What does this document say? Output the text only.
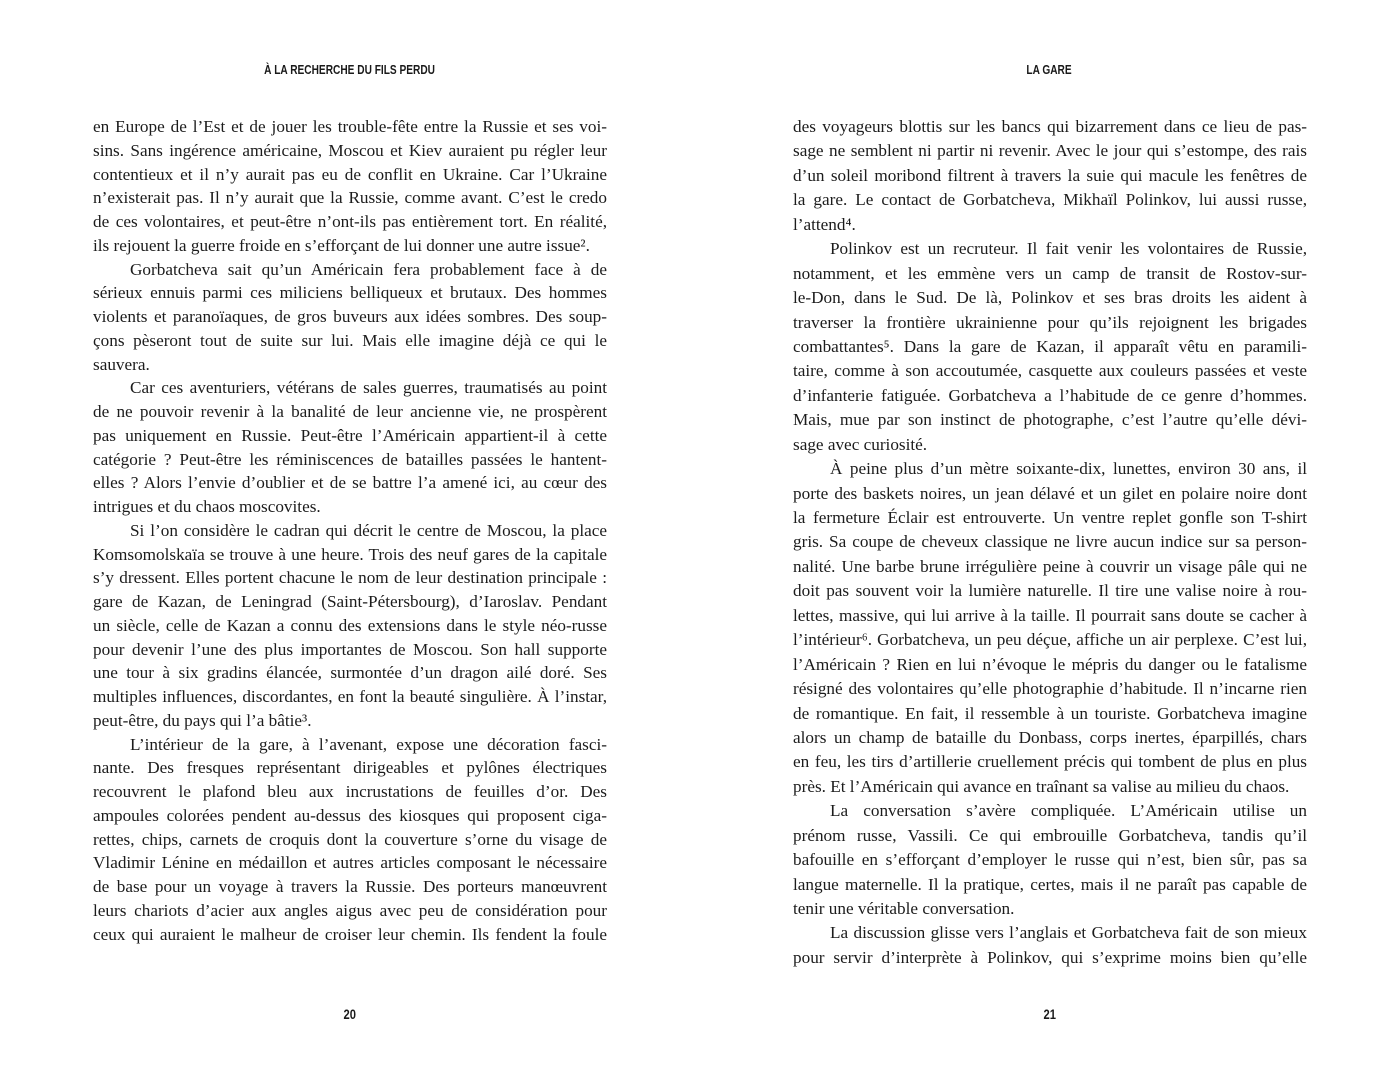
À LA RECHERCHE DU FILS PERDU
en Europe de l’Est et de jouer les trouble-fête entre la Russie et ses voi-
sins. Sans ingérence américaine, Moscou et Kiev auraient pu régler leur
contentieux et il n’y aurait pas eu de conflit en Ukraine. Car l’Ukraine
n’existerait pas. Il n’y aurait que la Russie, comme avant. C’est le credo
de ces volontaires, et peut-être n’ont-ils pas entièrement tort. En réalité,
ils rejouent la guerre froide en s’efforçant de lui donner une autre issue².
Gorbatcheva sait qu’un Américain fera probablement face à de
sérieux ennuis parmi ces miliciens belliqueux et brutaux. Des hommes
violents et paranoïaques, de gros buveurs aux idées sombres. Des soup-
çons pèseront tout de suite sur lui. Mais elle imagine déjà ce qui le
sauvera.
Car ces aventuriers, vétérans de sales guerres, traumatisés au point
de ne pouvoir revenir à la banalité de leur ancienne vie, ne prospèrent
pas uniquement en Russie. Peut-être l’Américain appartient-il à cette
catégorie ? Peut-être les réminiscences de batailles passées le hantent-
elles ? Alors l’envie d’oublier et de se battre l’a amené ici, au cœur des
intrigues et du chaos moscovites.
Si l’on considère le cadran qui décrit le centre de Moscou, la place
Komsomolskaïa se trouve à une heure. Trois des neuf gares de la capitale
s’y dressent. Elles portent chacune le nom de leur destination principale :
gare de Kazan, de Leningrad (Saint-Pétersbourg), d’Iaroslav. Pendant
un siècle, celle de Kazan a connu des extensions dans le style néo-russe
pour devenir l’une des plus importantes de Moscou. Son hall supporte
une tour à six gradins élancée, surmontée d’un dragon ailé doré. Ses
multiples influences, discordantes, en font la beauté singulière. À l’instar,
peut-être, du pays qui l’a bâtie³.
L’intérieur de la gare, à l’avenant, expose une décoration fasci-
nante. Des fresques représentant dirigeables et pylônes électriques
recouvrent le plafond bleu aux incrustations de feuilles d’or. Des
ampoules colorées pendent au-dessus des kiosques qui proposent ciga-
rettes, chips, carnets de croquis dont la couverture s’orne du visage de
Vladimir Lénine en médaillon et autres articles composant le nécessaire
de base pour un voyage à travers la Russie. Des porteurs manœuvrent
leurs chariots d’acier aux angles aigus avec peu de considération pour
ceux qui auraient le malheur de croiser leur chemin. Ils fendent la foule
20
LA GARE
des voyageurs blottis sur les bancs qui bizarrement dans ce lieu de pas-
sage ne semblent ni partir ni revenir. Avec le jour qui s’estompe, des rais
d’un soleil moribond filtrent à travers la suie qui macule les fenêtres de
la gare. Le contact de Gorbatcheva, Mikhaïl Polinkov, lui aussi russe,
l’attend⁴.
Polinkov est un recruteur. Il fait venir les volontaires de Russie,
notamment, et les emmène vers un camp de transit de Rostov-sur-
le-Don, dans le Sud. De là, Polinkov et ses bras droits les aident à
traverser la frontière ukrainienne pour qu’ils rejoignent les brigades
combattantes⁵. Dans la gare de Kazan, il apparaît vêtu en paramili-
taire, comme à son accoutumée, casquette aux couleurs passées et veste
d’infanterie fatiguée. Gorbatcheva a l’habitude de ce genre d’hommes.
Mais, mue par son instinct de photographe, c’est l’autre qu’elle dévi-
sage avec curiosité.
À peine plus d’un mètre soixante-dix, lunettes, environ 30 ans, il
porte des baskets noires, un jean délavé et un gilet en polaire noire dont
la fermeture Éclair est entrouverte. Un ventre replet gonfle son T-shirt
gris. Sa coupe de cheveux classique ne livre aucun indice sur sa person-
nalité. Une barbe brune irrégulière peine à couvrir un visage pâle qui ne
doit pas souvent voir la lumière naturelle. Il tire une valise noire à rou-
lettes, massive, qui lui arrive à la taille. Il pourrait sans doute se cacher à
l’intérieur⁶. Gorbatcheva, un peu déçue, affiche un air perplexe. C’est lui,
l’Américain ? Rien en lui n’évoque le mépris du danger ou le fatalisme
résigné des volontaires qu’elle photographie d’habitude. Il n’incarne rien
de romantique. En fait, il ressemble à un touriste. Gorbatcheva imagine
alors un champ de bataille du Donbass, corps inertes, éparpillés, chars
en feu, les tirs d’artillerie cruellement précis qui tombent de plus en plus
près. Et l’Américain qui avance en traînant sa valise au milieu du chaos.
La conversation s’avère compliquée. L’Américain utilise un
prénom russe, Vassili. Ce qui embrouille Gorbatcheva, tandis qu’il
bafouille en s’efforçant d’employer le russe qui n’est, bien sûr, pas sa
langue maternelle. Il la pratique, certes, mais il ne paraît pas capable de
tenir une véritable conversation.
La discussion glisse vers l’anglais et Gorbatcheva fait de son mieux
pour servir d’interprète à Polinkov, qui s’exprime moins bien qu’elle
21
